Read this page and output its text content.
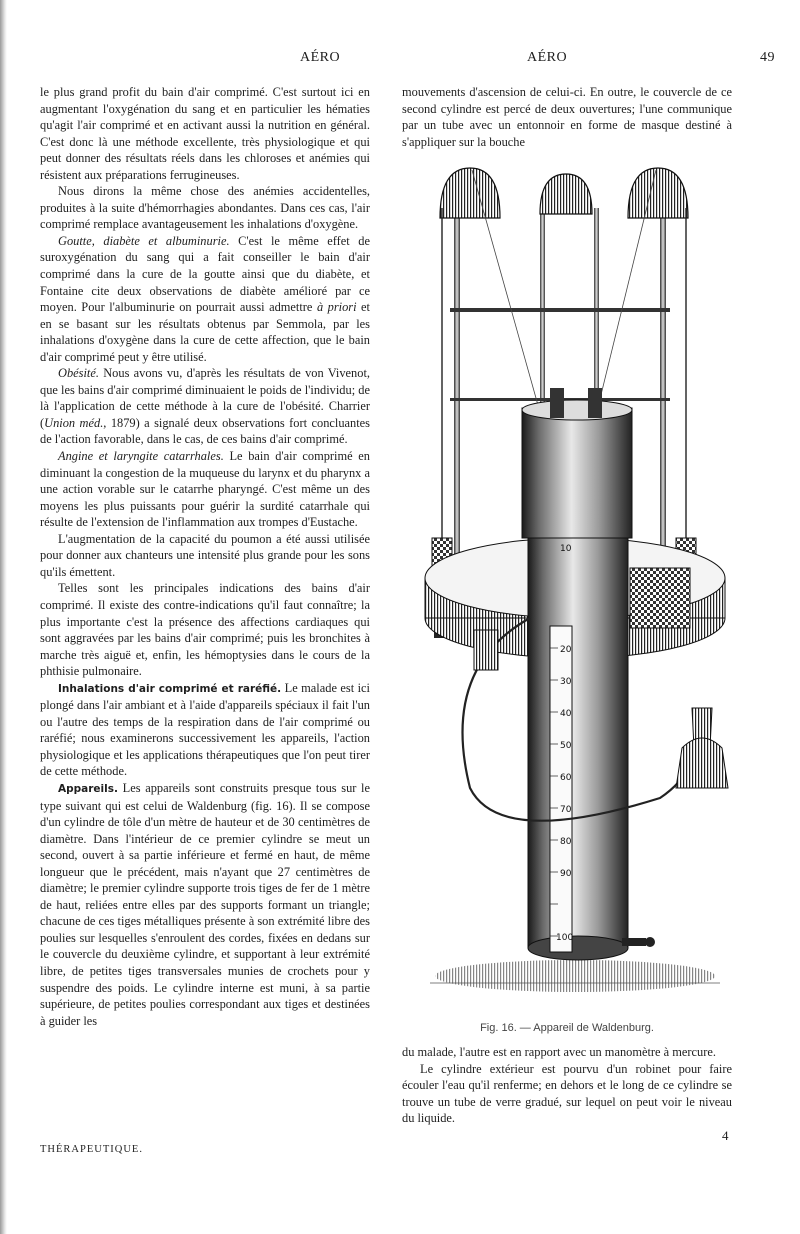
AÉRO	AÉRO	49

le plus grand profit du bain d'air comprimé. C'est surtout ici en augmentant l'oxygénation du sang et en particulier les hématies qu'agit l'air comprimé et en activant aussi la nutrition en général. C'est donc là une méthode excellente, très physiologique et qui peut donner des résultats réels dans les chloroses et anémies qui résistent aux préparations ferrugineuses.

Nous dirons la même chose des anémies accidentelles, produites à la suite d'hémorrhagies abondantes. Dans ces cas, l'air comprimé remplace avantageusement les inhalations d'oxygène.

Goutte, diabète et albuminurie. C'est le même effet de suroxygénation du sang qui a fait conseiller le bain d'air comprimé dans la cure de la goutte ainsi que du diabète, et Fontaine cite deux observations de diabète amélioré par ce moyen. Pour l'albuminurie on pourrait aussi admettre à priori et en se basant sur les résultats obtenus par Semmola, par les inhalations d'oxygène dans la cure de cette affection, que le bain d'air comprimé peut y être utilisé.

Obésité. Nous avons vu, d'après les résultats de von Vivenot, que les bains d'air comprimé diminuaient le poids de l'individu; de là l'application de cette méthode à la cure de l'obésité. Charrier (Union méd., 1879) a signalé deux observations fort concluantes de l'action favorable, dans le cas, de ces bains d'air comprimé.

Angine et laryngite catarrhales. Le bain d'air comprimé en diminuant la congestion de la muqueuse du larynx et du pharynx a une action vorable sur le catarrhe pharyngé. C'est même un des moyens les plus puissants pour guérir la surdité catarrhale qui résulte de l'extension de l'inflammation aux trompes d'Eustache.

L'augmentation de la capacité du poumon a été aussi utilisée pour donner aux chanteurs une intensité plus grande pour les sons qu'ils émettent.

Telles sont les principales indications des bains d'air comprimé. Il existe des contre-indications qu'il faut connaître; la plus importante c'est la présence des affections cardiaques qui sont aggravées par les bains d'air comprimé; puis les bronchites à marche très aiguë et, enfin, les hémoptysies dans le cours de la phthisie pulmonaire.

Inhalations d'air comprimé et raréfié. Le malade est ici plongé dans l'air ambiant et à l'aide d'appareils spéciaux il fait l'un ou l'autre des temps de la respiration dans de l'air comprimé ou raréfié; nous examinerons successivement les appareils, l'action physiologique et les applications thérapeutiques que l'on peut tirer de cette méthode.

Appareils. Les appareils sont construits presque tous sur le type suivant qui est celui de Waldenburg (fig. 16). Il se compose d'un cylindre de tôle d'un mètre de hauteur et de 30 centimètres de diamètre. Dans l'intérieur de ce premier cylindre se meut un second, ouvert à sa partie inférieure et fermé en haut, de même longueur que le précédent, mais n'ayant que 27 centimètres de diamètre; le premier cylindre supporte trois tiges de fer de 1 mètre de haut, reliées entre elles par des supports formant un triangle; chacune de ces tiges métalliques présente à son extrémité libre des poulies sur lesquelles s'enroulent des cordes, fixées en dedans sur le couvercle du deuxième cylindre, et supportant à leur extrémité libre, de petites tiges transversales munies de crochets pour y suspendre des poids. Le cylindre interne est muni, à sa partie supérieure, de petites poulies correspondant aux tiges et destinées à guider les

mouvements d'ascension de celui-ci. En outre, le couvercle de ce second cylindre est percé de deux ouvertures; l'une communique par un tube avec un entonnoir en forme de masque destiné à s'appliquer sur la bouche

10
20
30
40
50
60
70
80
90
100
Fig. 16. — Appareil de Waldenburg.

du malade, l'autre est en rapport avec un manomètre à mercure.

Le cylindre extérieur est pourvu d'un robinet pour faire écouler l'eau qu'il renferme; en dehors et le long de ce cylindre se trouve un tube de verre gradué, sur lequel on peut voir le niveau du liquide.

THÉRAPEUTIQUE.
4
